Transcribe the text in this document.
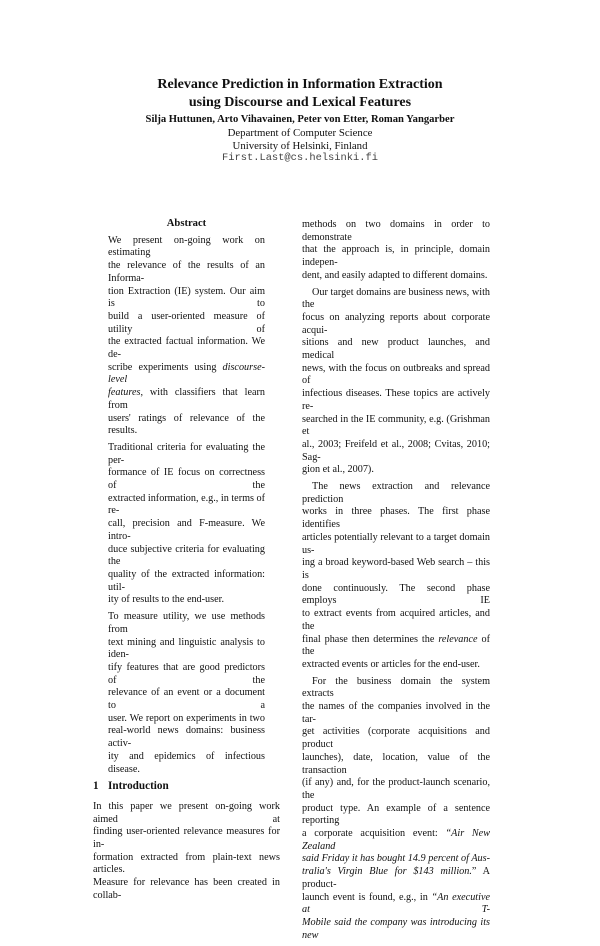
Relevance Prediction in Information Extraction
using Discourse and Lexical Features
Silja Huttunen, Arto Vihavainen, Peter von Etter, Roman Yangarber
Department of Computer Science
University of Helsinki, Finland
First.Last@cs.helsinki.fi
Abstract
We present on-going work on estimating
the relevance of the results of an Informa-
tion Extraction (IE) system. Our aim is to
build a user-oriented measure of utility of
the extracted factual information. We de-
scribe experiments using discourse-level
features, with classifiers that learn from
users' ratings of relevance of the results.
Traditional criteria for evaluating the per-
formance of IE focus on correctness of the
extracted information, e.g., in terms of re-
call, precision and F-measure. We intro-
duce subjective criteria for evaluating the
quality of the extracted information: util-
ity of results to the end-user.
To measure utility, we use methods from
text mining and linguistic analysis to iden-
tify features that are good predictors of the
relevance of an event or a document to a
user. We report on experiments in two
real-world news domains: business activ-
ity and epidemics of infectious disease.
1 Introduction
In this paper we present on-going work aimed at
finding user-oriented relevance measures for in-
formation extracted from plain-text news articles.
Measure for relevance has been created in collab-
methods on two domains in order to demonstrate
that the approach is, in principle, domain indepen-
dent, and easily adapted to different domains.
Our target domains are business news, with the
focus on analyzing reports about corporate acqui-
sitions and new product launches, and medical
news, with the focus on outbreaks and spread of
infectious diseases. These topics are actively re-
searched in the IE community, e.g. (Grishman et
al., 2003; Freifeld et al., 2008; Cvitas, 2010; Sag-
gion et al., 2007).
The news extraction and relevance prediction
works in three phases. The first phase identifies
articles potentially relevant to a target domain us-
ing a broad keyword-based Web search – this is
done continuously. The second phase employs IE
to extract events from acquired articles, and the
final phase then determines the relevance of the
extracted events or articles for the end-user.
For the business domain the system extracts
the names of the companies involved in the tar-
get activities (corporate acquisitions and product
launches), date, location, value of the transaction
(if any) and, for the product-launch scenario, the
product type. An example of a sentence reporting
a corporate acquisition event: “Air New Zealand
said Friday it has bought 14.9 percent of Aus-
tralia's Virgin Blue for $143 million.” A product-
launch event is found, e.g., in “An executive at T-
Mobile said the company was introducing its new
